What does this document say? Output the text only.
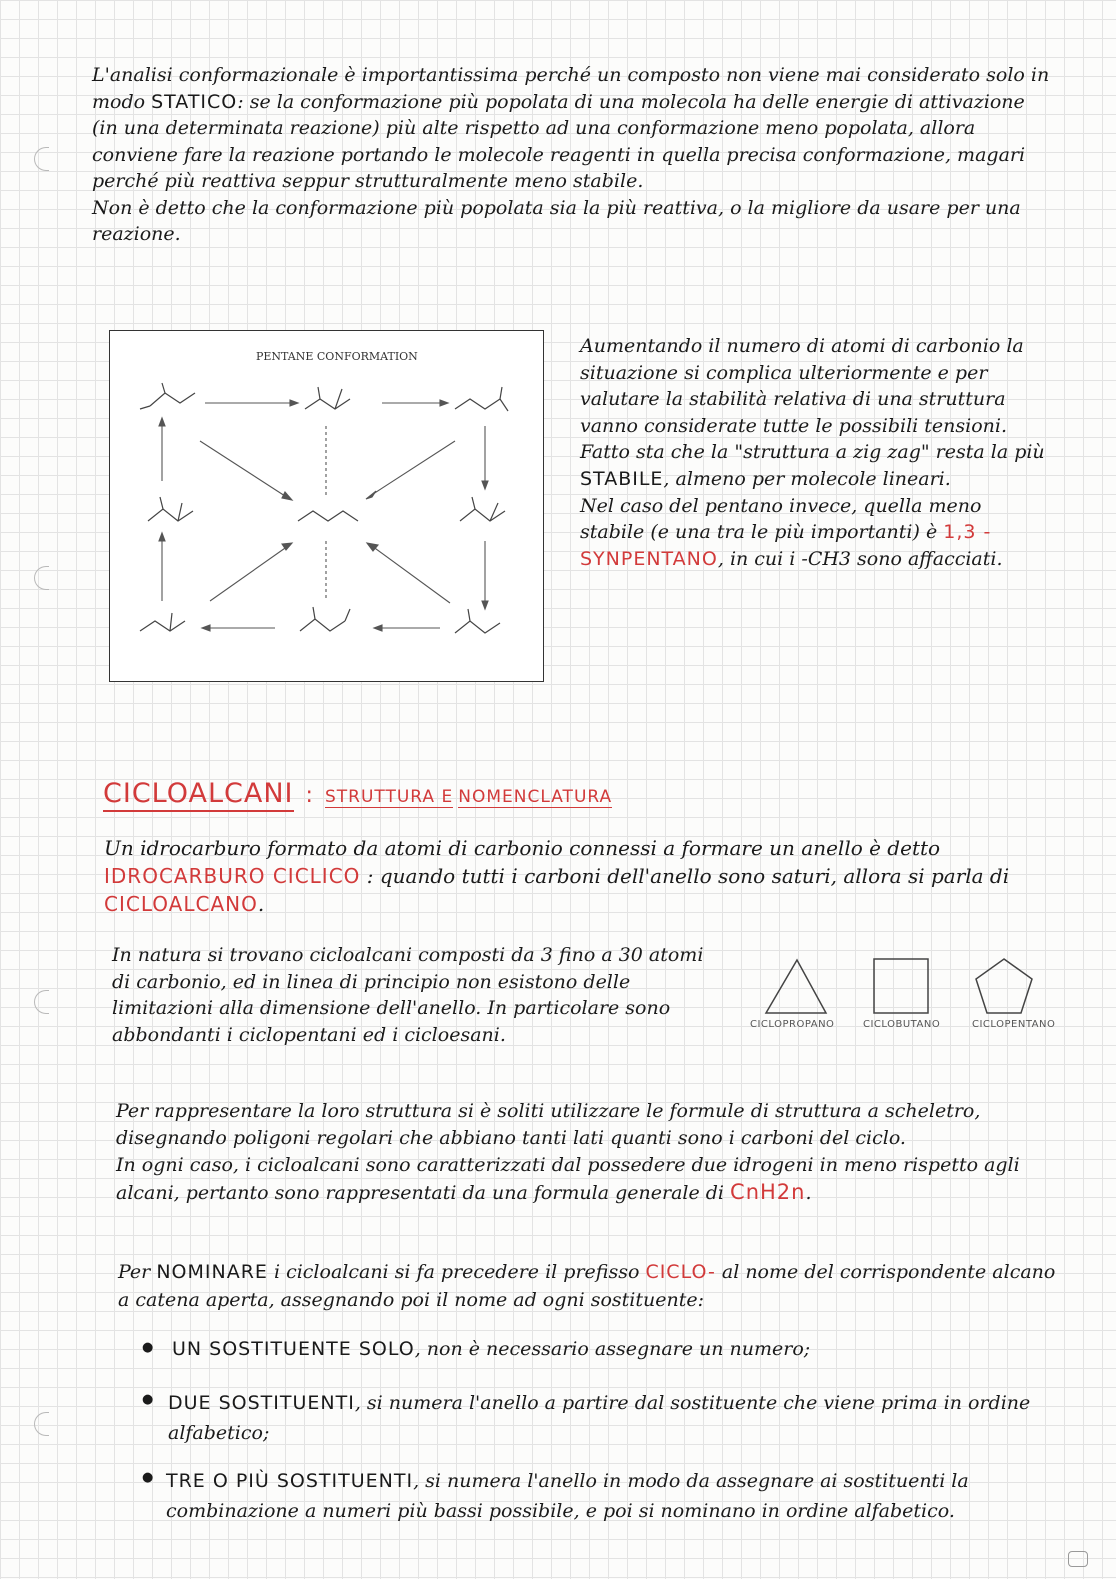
L'analisi conformazionale è importantissima perché un composto non viene mai considerato solo in modo STATICO: se la conformazione più popolata di una molecola ha delle energie di attivazione (in una determinata reazione) più alte rispetto ad una conformazione meno popolata, allora conviene fare la reazione portando le molecole reagenti in quella precisa conformazione, magari perché più reattiva seppur strutturalmente meno stabile.
Non è detto che la conformazione più popolata sia la più reattiva, o la migliore da usare per una reazione.
PENTANE CONFORMATION	Aumentando il numero di atomi di carbonio la situazione si complica ulteriormente e per valutare la stabilità relativa di una struttura vanno considerate tutte le possibili tensioni.
Fatto sta che la "struttura a zig zag" resta la più STABILE, almeno per molecole lineari.
Nel caso del pentano invece, quella meno stabile (e una tra le più importanti) è 1,3 - SYNPENTANO, in cui i -CH3 sono affacciati.
CICLOALCANI : STRUTTURA E NOMENCLATURA
Un idrocarburo formato da atomi di carbonio connessi a formare un anello è detto IDROCARBURO CICLICO : quando tutti i carboni dell'anello sono saturi, allora si parla di CICLOALCANO.
In natura si trovano cicloalcani composti da 3 fino a 30 atomi di carbonio, ed in linea di principio non esistono delle limitazioni alla dimensione dell'anello. In particolare sono abbondanti i ciclopentani ed i cicloesani.	CICLOPROPANO	CICLOBUTANO	CICLOPENTANO
Per rappresentare la loro struttura si è soliti utilizzare le formule di struttura a scheletro, disegnando poligoni regolari che abbiano tanti lati quanti sono i carboni del ciclo.
In ogni caso, i cicloalcani sono caratterizzati dal possedere due idrogeni in meno rispetto agli alcani, pertanto sono rappresentati da una formula generale di CnH2n.
Per NOMINARE i cicloalcani si fa precedere il prefisso CICLO- al nome del corrispondente alcano a catena aperta, assegnando poi il nome ad ogni sostituente:
● UN SOSTITUENTE SOLO, non è necessario assegnare un numero;
● DUE SOSTITUENTI, si numera l'anello a partire dal sostituente che viene prima in ordine alfabetico;
● TRE O PIÙ SOSTITUENTI, si numera l'anello in modo da assegnare ai sostituenti la combinazione a numeri più bassi possibile, e poi si nominano in ordine alfabetico.
